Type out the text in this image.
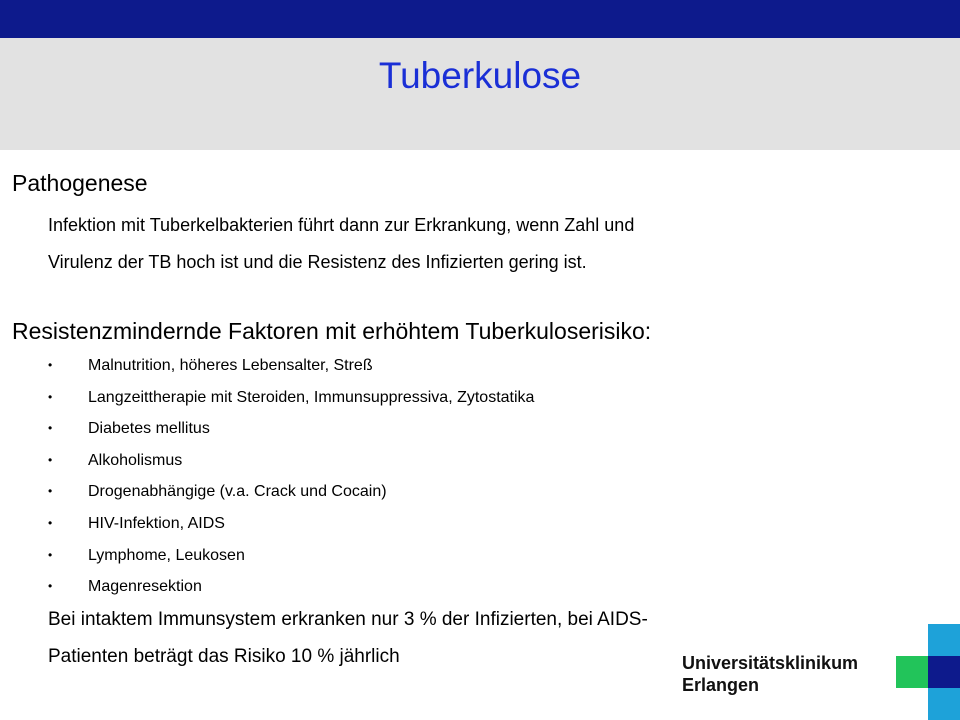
Tuberkulose
Pathogenese
Infektion mit Tuberkelbakterien führt dann zur Erkrankung, wenn Zahl und
Virulenz der TB hoch ist und die Resistenz des Infizierten gering ist.
Resistenzmindernde Faktoren mit erhöhtem Tuberkuloserisiko:
• Malnutrition, höheres Lebensalter, Streß
• Langzeittherapie mit Steroiden, Immunsuppressiva, Zytostatika
• Diabetes mellitus
• Alkoholismus
• Drogenabhängige (v.a. Crack und Cocain)
• HIV-Infektion, AIDS
• Lymphome, Leukosen
• Magenresektion
Bei intaktem Immunsystem erkranken nur 3 % der Infizierten, bei AIDS-
Patienten beträgt das Risiko 10 % jährlich	Universitätsklinikum
Erlangen
